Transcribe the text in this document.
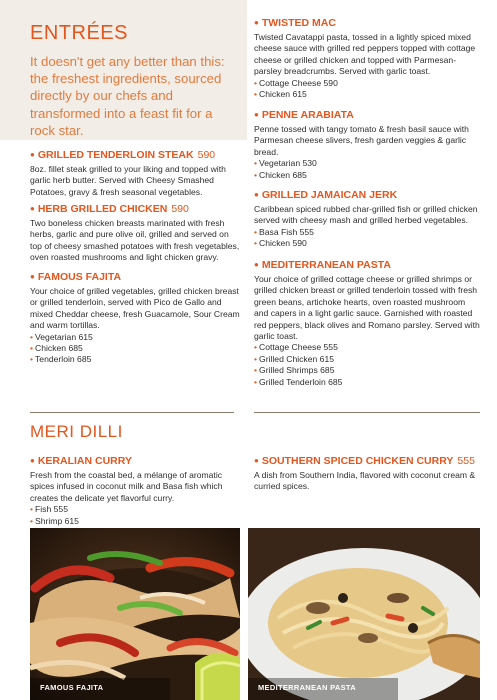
ENTRÉES
It doesn't get any better than this: the freshest ingredients, sourced directly by our chefs and transformed into a feast fit for a rock star.
● GRILLED TENDERLOIN STEAK 590
8oz. fillet steak grilled to your liking and topped with garlic herb butter. Served with Cheesy Smashed Potatoes, gravy & fresh seasonal vegetables.
● HERB GRILLED CHICKEN 590
Two boneless chicken breasts marinated with fresh herbs, garlic and pure olive oil, grilled and served on top of cheesy smashed potatoes with fresh vegetables, oven roasted mushrooms and light chicken gravy.
● FAMOUS FAJITA
Your choice of grilled vegetables, grilled chicken breast or grilled tenderloin, served with Pico de Gallo and mixed Cheddar cheese, fresh Guacamole, Sour Cream and warm tortillas.
• Vegetarian 615
• Chicken 685
• Tenderloin 685
● TWISTED MAC
Twisted Cavatappi pasta, tossed in a lightly spiced mixed cheese sauce with grilled red peppers topped with cottage cheese or grilled chicken and topped with Parmesan-parsley breadcrumbs. Served with garlic toast.
• Cottage Cheese 590
• Chicken 615
● PENNE ARABIATA
Penne tossed with tangy tomato & fresh basil sauce with Parmesan cheese slivers, fresh garden veggies & garlic bread.
• Vegetarian 530
• Chicken 685
● GRILLED JAMAICAN JERK
Caribbean spiced rubbed char-grilled fish or grilled chicken served with cheesy mash and grilled herbed vegetables.
• Basa Fish 555
• Chicken 590
● MEDITERRANEAN PASTA
Your choice of grilled cottage cheese or grilled shrimps or grilled chicken breast or grilled tenderloin tossed with fresh green beans, artichoke hearts, oven roasted mushroom and capers in a light garlic sauce. Garnished with roasted red peppers, black olives and Romano parsley. Served with garlic toast.
• Cottage Cheese 555
• Grilled Chicken 615
• Grilled Shrimps 685
• Grilled Tenderloin 685
MERI DILLI
● KERALIAN CURRY
Fresh from the coastal bed, a mélange of aromatic spices infused in coconut milk and Basa fish which creates the delicate yet flavorful curry.
• Fish 555
• Shrimp 615
● SOUTHERN SPICED CHICKEN CURRY 555
A dish from Southern India, flavored with coconut cream & curried spices.
FAMOUS FAJITA	MEDITERRANEAN PASTA
